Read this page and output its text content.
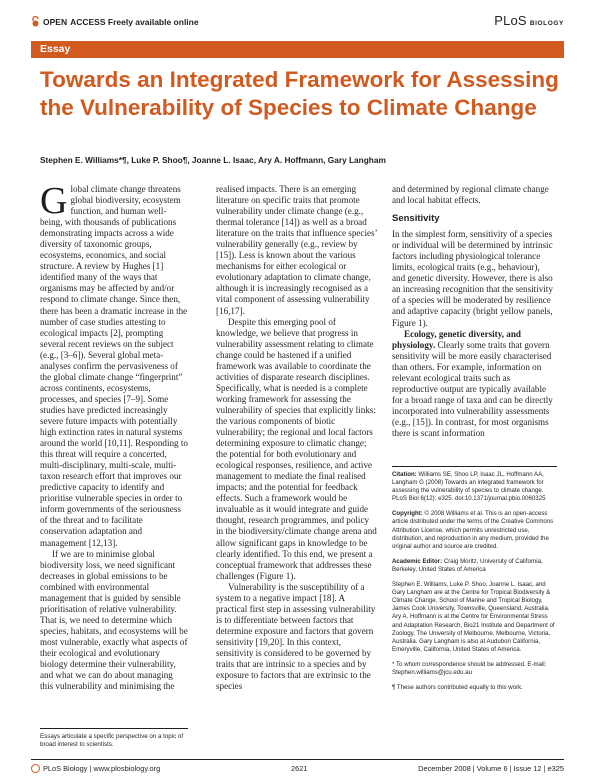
OPEN ACCESS Freely available online	PLoS BIOLOGY
Essay
Towards an Integrated Framework for Assessing the Vulnerability of Species to Climate Change
Stephen E. Williams*¶, Luke P. Shoo¶, Joanne L. Isaac, Ary A. Hoffmann, Gary Langham

Global climate change threatens global biodiversity, ecosystem function, and human well-being, with thousands of publications demonstrating impacts across a wide diversity of taxonomic groups, ecosystems, economics, and social structure. A review by Hughes [1] identified many of the ways that organisms may be affected by and/or respond to climate change. Since then, there has been a dramatic increase in the number of case studies attesting to ecological impacts [2], prompting several recent reviews on the subject (e.g., [3–6]). Several global meta-analyses confirm the pervasiveness of the global climate change “fingerprint” across continents, ecosystems, processes, and species [7–9]. Some studies have predicted increasingly severe future impacts with potentially high extinction rates in natural systems around the world [10,11]. Responding to this threat will require a concerted, multi-disciplinary, multi-scale, multi-taxon research effort that improves our predictive capacity to identify and prioritise vulnerable species in order to inform governments of the seriousness of the threat and to facilitate conservation adaptation and management [12,13].

If we are to minimise global biodiversity loss, we need significant decreases in global emissions to be combined with environmental management that is guided by sensible prioritisation of relative vulnerability. That is, we need to determine which species, habitats, and ecosystems will be most vulnerable, exactly what aspects of their ecological and evolutionary biology determine their vulnerability, and what we can do about managing this vulnerability and minimising the

realised impacts. There is an emerging literature on specific traits that promote vulnerability under climate change (e.g., thermal tolerance [14]) as well as a broad literature on the traits that influence species’ vulnerability generally (e.g., review by [15]). Less is known about the various mechanisms for either ecological or evolutionary adaptation to climate change, although it is increasingly recognised as a vital component of assessing vulnerability [16,17].

Despite this emerging pool of knowledge, we believe that progress in vulnerability assessment relating to climate change could be hastened if a unified framework was available to coordinate the activities of disparate research disciplines. Specifically, what is needed is a complete working framework for assessing the vulnerability of species that explicitly links: the various components of biotic vulnerability; the regional and local factors determining exposure to climatic change; the potential for both evolutionary and ecological responses, resilience, and active management to mediate the final realised impacts; and the potential for feedback effects. Such a framework would be invaluable as it would integrate and guide thought, research programmes, and policy in the biodiversity/climate change arena and allow significant gaps in knowledge to be clearly identified. To this end, we present a conceptual framework that addresses these challenges (Figure 1).

Vulnerability is the susceptibility of a system to a negative impact [18]. A practical first step in assessing vulnerability is to differentiate between factors that determine exposure and factors that govern sensitivity [19,20]. In this context, sensitivity is considered to be governed by traits that are intrinsic to a species and by exposure to factors that are extrinsic to the species

and determined by regional climate change and local habitat effects.

Sensitivity

In the simplest form, sensitivity of a species or individual will be determined by intrinsic factors including physiological tolerance limits, ecological traits (e.g., behaviour), and genetic diversity. However, there is also an increasing recognition that the sensitivity of a species will be moderated by resilience and adaptive capacity (bright yellow panels, Figure 1).

Ecology, genetic diversity, and physiology. Clearly some traits that govern sensitivity will be more easily characterised than others. For example, information on relevant ecological traits such as reproductive output are typically available for a broad range of taxa and can be directly incorporated into vulnerability assessments (e.g., [15]). In contrast, for most organisms there is scant information

Essays articulate a specific perspective on a topic of broad interest to scientists.

Citation: Williams SE, Shoo LP, Isaac JL, Hoffmann AA, Langham G (2008) Towards an integrated framework for assessing the vulnerability of species to climate change. PLoS Biol 6(12): e325. doi:10.1371/journal.pbio.0060325

Copyright: © 2008 Williams et al. This is an open-access article distributed under the terms of the Creative Commons Attribution License, which permits unrestricted use, distribution, and reproduction in any medium, provided the original author and source are credited.

Academic Editor: Craig Moritz, University of California, Berkeley, United States of America

Stephen E. Williams, Luke P. Shoo, Joanne L. Isaac, and Gary Langham are at the Centre for Tropical Biodiversity & Climate Change, School of Marine and Tropical Biology, James Cook University, Townsville, Queensland, Australia. Ary A. Hoffmann is at the Centre for Environmental Stress and Adaptation Research, Bio21 Institute and Department of Zoology, The University of Melbourne, Melbourne, Victoria, Australia. Gary Langham is also at Audubon California, Emeryville, California, United States of America.

* To whom correspondence should be addressed. E-mail: Stephen.williams@jcu.edu.au

¶ These authors contributed equally to this work.

PLoS Biology | www.plosbiology.org	2621	December 2008 | Volume 6 | Issue 12 | e325
